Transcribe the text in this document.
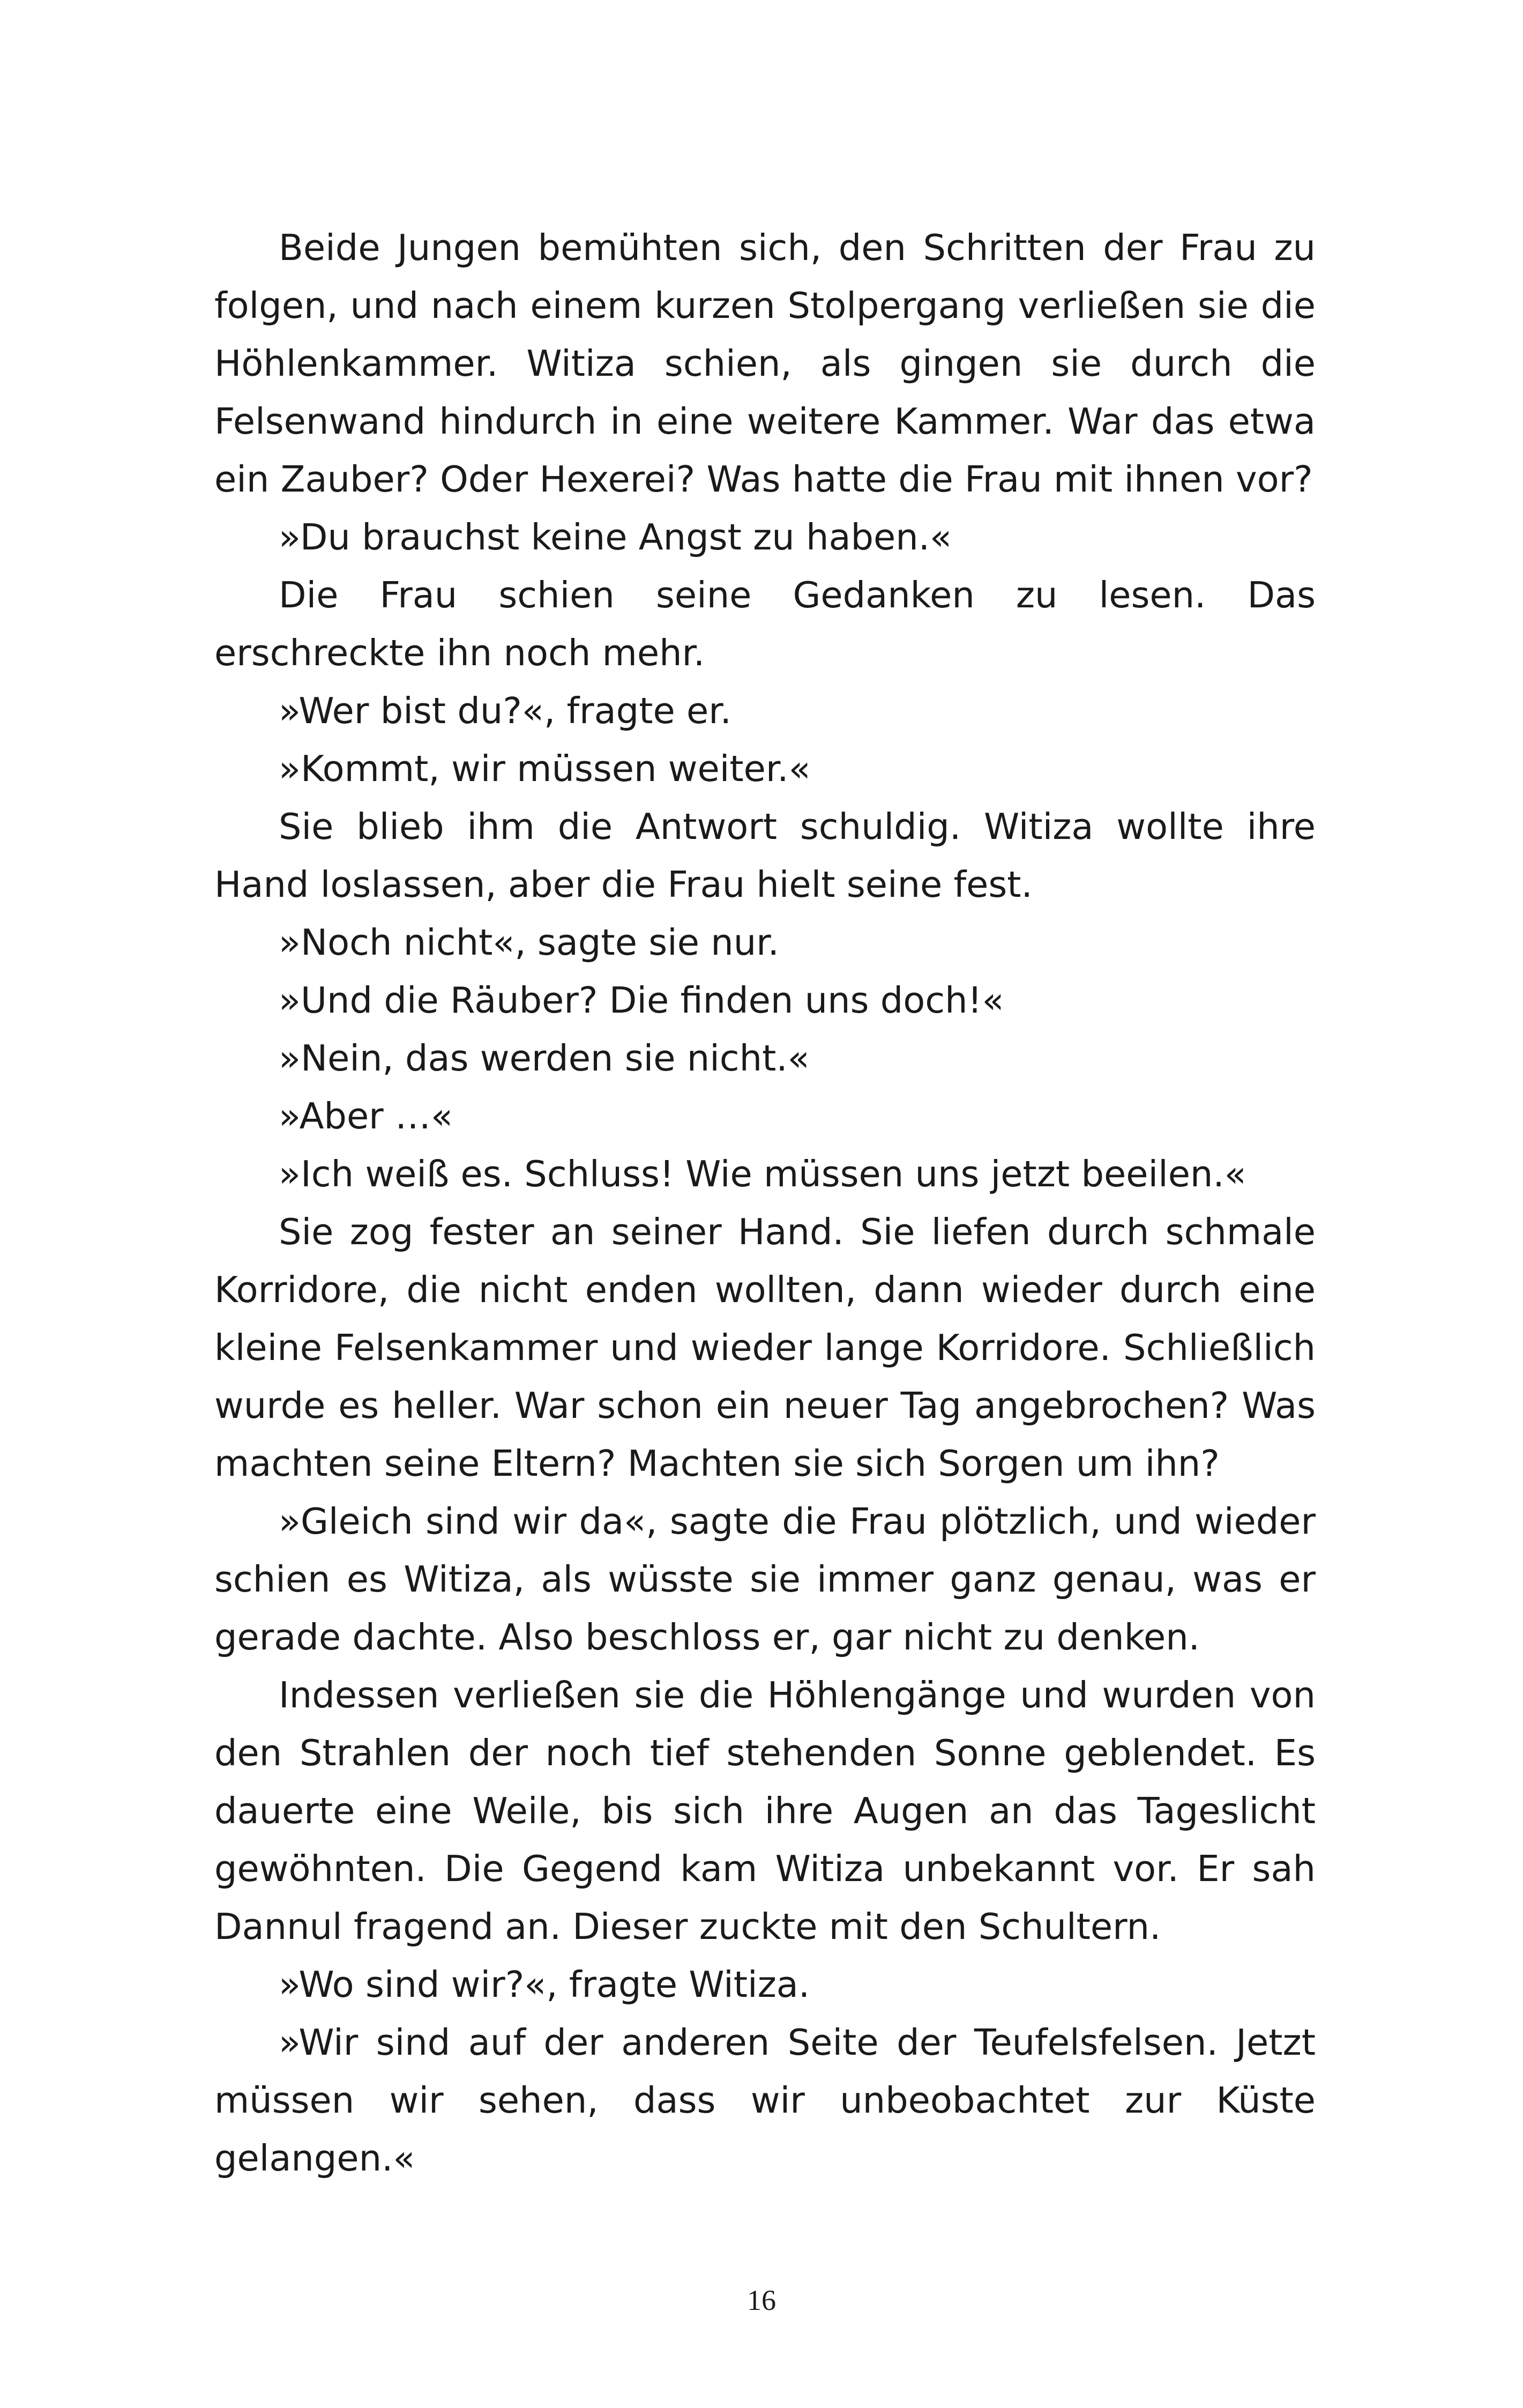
Beide Jungen bemühten sich, den Schritten der Frau zu folgen, und nach einem kurzen Stolpergang verließen sie die Höhlenkammer. Witiza schien, als gingen sie durch die Felsenwand hindurch in eine weitere Kammer. War das etwa ein Zauber? Oder Hexerei? Was hatte die Frau mit ihnen vor?

»Du brauchst keine Angst zu haben.«

Die Frau schien seine Gedanken zu lesen. Das erschreckte ihn noch mehr.

»Wer bist du?«, fragte er.

»Kommt, wir müssen weiter.«

Sie blieb ihm die Antwort schuldig. Witiza wollte ihre Hand loslassen, aber die Frau hielt seine fest.

»Noch nicht«, sagte sie nur.

»Und die Räuber? Die finden uns doch!«

»Nein, das werden sie nicht.«

»Aber …«

»Ich weiß es. Schluss! Wie müssen uns jetzt beeilen.«

Sie zog fester an seiner Hand. Sie liefen durch schmale Korridore, die nicht enden wollten, dann wieder durch eine kleine Felsenkammer und wieder lange Korridore. Schließlich wurde es heller. War schon ein neuer Tag angebrochen? Was machten seine Eltern? Machten sie sich Sorgen um ihn?

»Gleich sind wir da«, sagte die Frau plötzlich, und wieder schien es Witiza, als wüsste sie immer ganz genau, was er gerade dachte. Also beschloss er, gar nicht zu denken.

Indessen verließen sie die Höhlengänge und wurden von den Strahlen der noch tief stehenden Sonne geblendet. Es dauerte eine Weile, bis sich ihre Augen an das Tageslicht gewöhnten. Die Gegend kam Witiza unbekannt vor. Er sah Dannul fragend an. Dieser zuckte mit den Schultern.

»Wo sind wir?«, fragte Witiza.

»Wir sind auf der anderen Seite der Teufelsfelsen. Jetzt müssen wir sehen, dass wir unbeobachtet zur Küste gelangen.«

16
